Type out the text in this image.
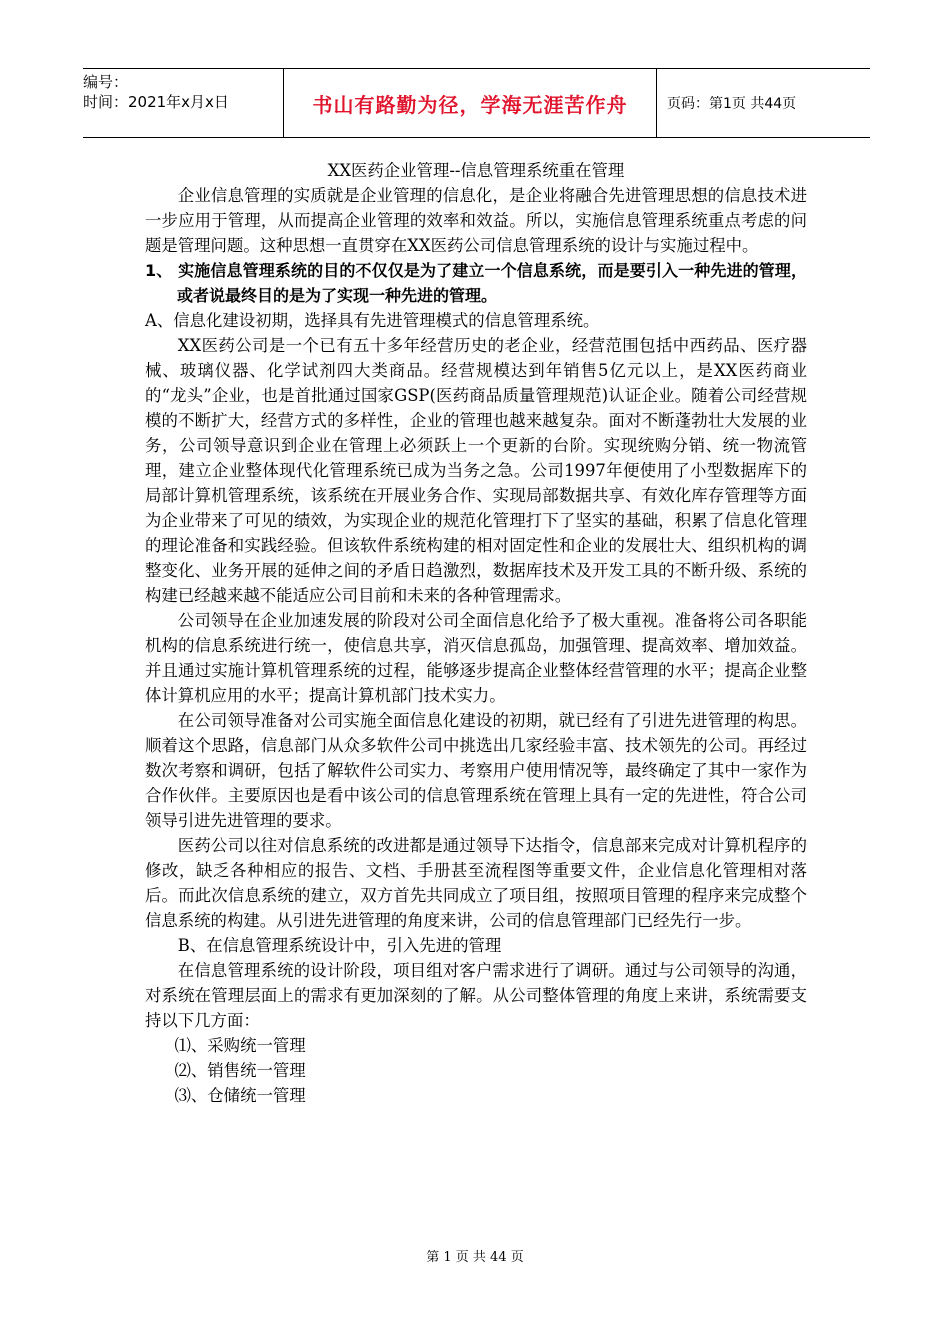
编号：
时间：2021年x月x日	书山有路勤为径，学海无涯苦作舟	页码：第1页 共44页

XX医药企业管理--信息管理系统重在管理

企业信息管理的实质就是企业管理的信息化，是企业将融合先进管理思想的信息技术进一步应用于管理，从而提高企业管理的效率和效益。所以，实施信息管理系统重点考虑的问题是管理问题。这种思想一直贯穿在XX医药公司信息管理系统的设计与实施过程中。

1、 实施信息管理系统的目的不仅仅是为了建立一个信息系统，而是要引入一种先进的管理，或者说最终目的是为了实现一种先进的管理。

A、信息化建设初期，选择具有先进管理模式的信息管理系统。

XX医药公司是一个已有五十多年经营历史的老企业，经营范围包括中西药品、医疗器械、玻璃仪器、化学试剂四大类商品。经营规模达到年销售5亿元以上，是XX医药商业的“龙头”企业，也是首批通过国家GSP(医药商品质量管理规范)认证企业。随着公司经营规模的不断扩大，经营方式的多样性，企业的管理也越来越复杂。面对不断蓬勃壮大发展的业务，公司领导意识到企业在管理上必须跃上一个更新的台阶。实现统购分销、统一物流管理，建立企业整体现代化管理系统已成为当务之急。公司1997年便使用了小型数据库下的局部计算机管理系统，该系统在开展业务合作、实现局部数据共享、有效化库存管理等方面为企业带来了可见的绩效，为实现企业的规范化管理打下了坚实的基础，积累了信息化管理的理论准备和实践经验。但该软件系统构建的相对固定性和企业的发展壮大、组织机构的调整变化、业务开展的延伸之间的矛盾日趋激烈，数据库技术及开发工具的不断升级、系统的构建已经越来越不能适应公司目前和未来的各种管理需求。

公司领导在企业加速发展的阶段对公司全面信息化给予了极大重视。准备将公司各职能机构的信息系统进行统一，使信息共享，消灭信息孤岛，加强管理、提高效率、增加效益。并且通过实施计算机管理系统的过程，能够逐步提高企业整体经营管理的水平；提高企业整体计算机应用的水平；提高计算机部门技术实力。

在公司领导准备对公司实施全面信息化建设的初期，就已经有了引进先进管理的构思。顺着这个思路，信息部门从众多软件公司中挑选出几家经验丰富、技术领先的公司。再经过数次考察和调研，包括了解软件公司实力、考察用户使用情况等，最终确定了其中一家作为合作伙伴。主要原因也是看中该公司的信息管理系统在管理上具有一定的先进性，符合公司领导引进先进管理的要求。

医药公司以往对信息系统的改进都是通过领导下达指令，信息部来完成对计算机程序的修改，缺乏各种相应的报告、文档、手册甚至流程图等重要文件，企业信息化管理相对落后。而此次信息系统的建立，双方首先共同成立了项目组，按照项目管理的程序来完成整个信息系统的构建。从引进先进管理的角度来讲，公司的信息管理部门已经先行一步。

B、在信息管理系统设计中，引入先进的管理

在信息管理系统的设计阶段，项目组对客户需求进行了调研。通过与公司领导的沟通，对系统在管理层面上的需求有更加深刻的了解。从公司整体管理的角度上来讲，系统需要支持以下几方面：

⑴、采购统一管理

⑵、销售统一管理

⑶、仓储统一管理

第 1 页 共 44 页
